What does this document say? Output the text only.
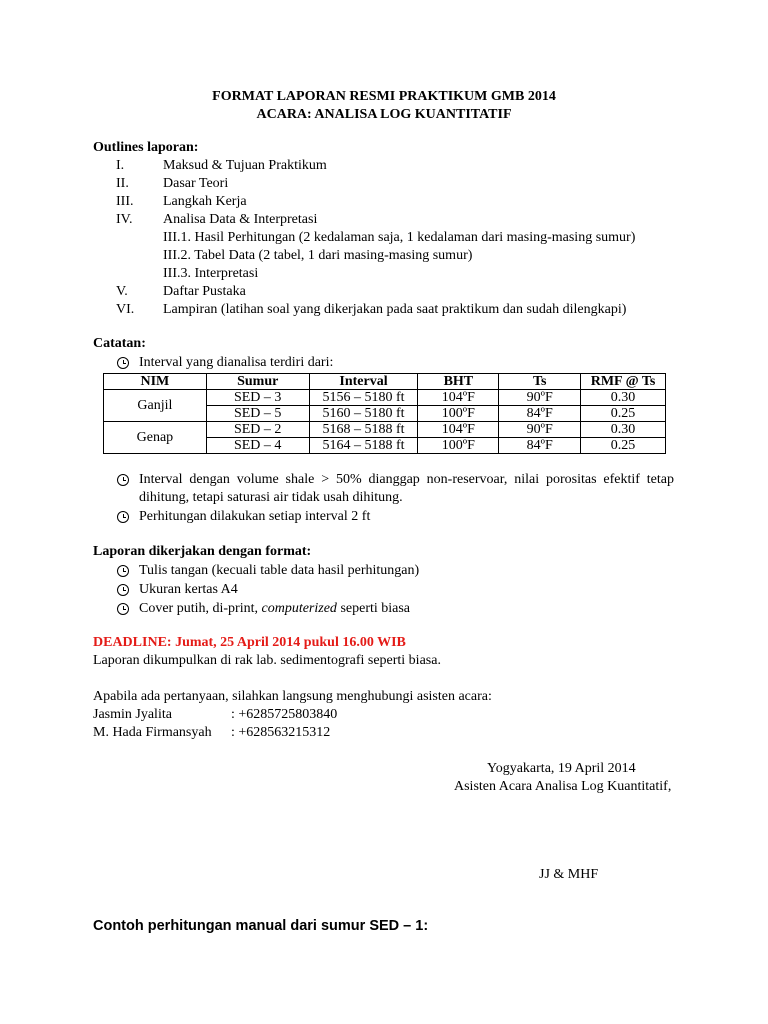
FORMAT LAPORAN RESMI PRAKTIKUM GMB 2014
ACARA: ANALISA LOG KUANTITATIF
Outlines laporan:
I.	Maksud & Tujuan Praktikum
II. Dasar Teori
III. Langkah Kerja
IV. Analisa Data & Interpretasi
III.1. Hasil Perhitungan (2 kedalaman saja, 1 kedalaman dari masing-masing sumur)
III.2. Tabel Data (2 tabel, 1 dari masing-masing sumur)
III.3. Interpretasi
V.	Daftar Pustaka
VI. Lampiran (latihan soal yang dikerjakan pada saat praktikum dan sudah dilengkapi)
Catatan:
Interval yang dianalisa terdiri dari:
NIM	Sumur	Interval	BHT	Ts	RMF @ Ts
Ganjil	SED – 3	5156 – 5180 ft	104ºF	90ºF	0.30
	SED – 5	5160 – 5180 ft	100ºF	84ºF	0.25
Genap	SED – 2	5168 – 5188 ft	104ºF	90ºF	0.30
	SED – 4	5164 – 5188 ft	100ºF	84ºF	0.25
Interval dengan volume shale > 50% dianggap non-reservoar, nilai porositas efektif tetap
dihitung, tetapi saturasi air tidak usah dihitung.
Perhitungan dilakukan setiap interval 2 ft
Laporan dikerjakan dengan format:
Tulis tangan (kecuali table data hasil perhitungan)
Ukuran kertas A4
Cover putih, di-print, computerized seperti biasa
DEADLINE: Jumat, 25 April 2014 pukul 16.00 WIB
Laporan dikumpulkan di rak lab. sedimentografi seperti biasa.
Apabila ada pertanyaan, silahkan langsung menghubungi asisten acara:
Jasmin Jyalita	: +6285725803840
M. Hada Firmansyah : +628563215312
Yogyakarta, 19 April 2014
Asisten Acara Analisa Log Kuantitatif,
JJ & MHF
Contoh perhitungan manual dari sumur SED – 1:
